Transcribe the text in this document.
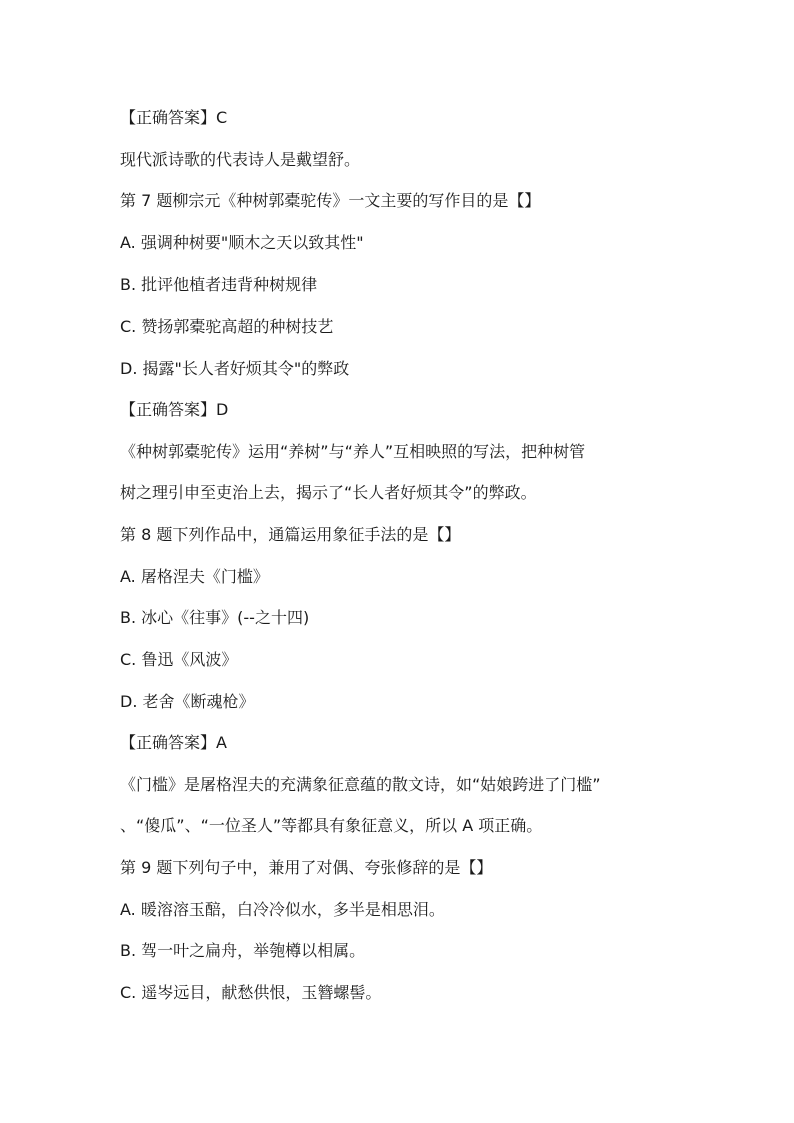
【正确答案】C
现代派诗歌的代表诗人是戴望舒。
第 7 题柳宗元《种树郭橐驼传》一文主要的写作目的是【】
A. 强调种树要"顺木之天以致其性"
B. 批评他植者违背种树规律
C. 赞扬郭橐驼高超的种树技艺
D. 揭露"长人者好烦其令"的弊政
【正确答案】D
《种树郭橐驼传》运用“养树”与“养人”互相映照的写法，把种树管
树之理引申至吏治上去，揭示了“长人者好烦其令”的弊政。
第 8 题下列作品中，通篇运用象征手法的是【】
A. 屠格涅夫《门槛》
B. 冰心《往事》(--之十四)
C. 鲁迅《风波》
D. 老舍《断魂枪》
【正确答案】A
《门槛》是屠格涅夫的充满象征意蕴的散文诗，如“姑娘跨进了门槛”
、“傻瓜”、“一位圣人”等都具有象征意义，所以 A 项正确。
第 9 题下列句子中，兼用了对偶、夸张修辞的是【】
A. 暖溶溶玉醅，白冷冷似水，多半是相思泪。
B. 驾一叶之扁舟，举匏樽以相属。
C. 遥岑远目，献愁供恨，玉簪螺髻。
